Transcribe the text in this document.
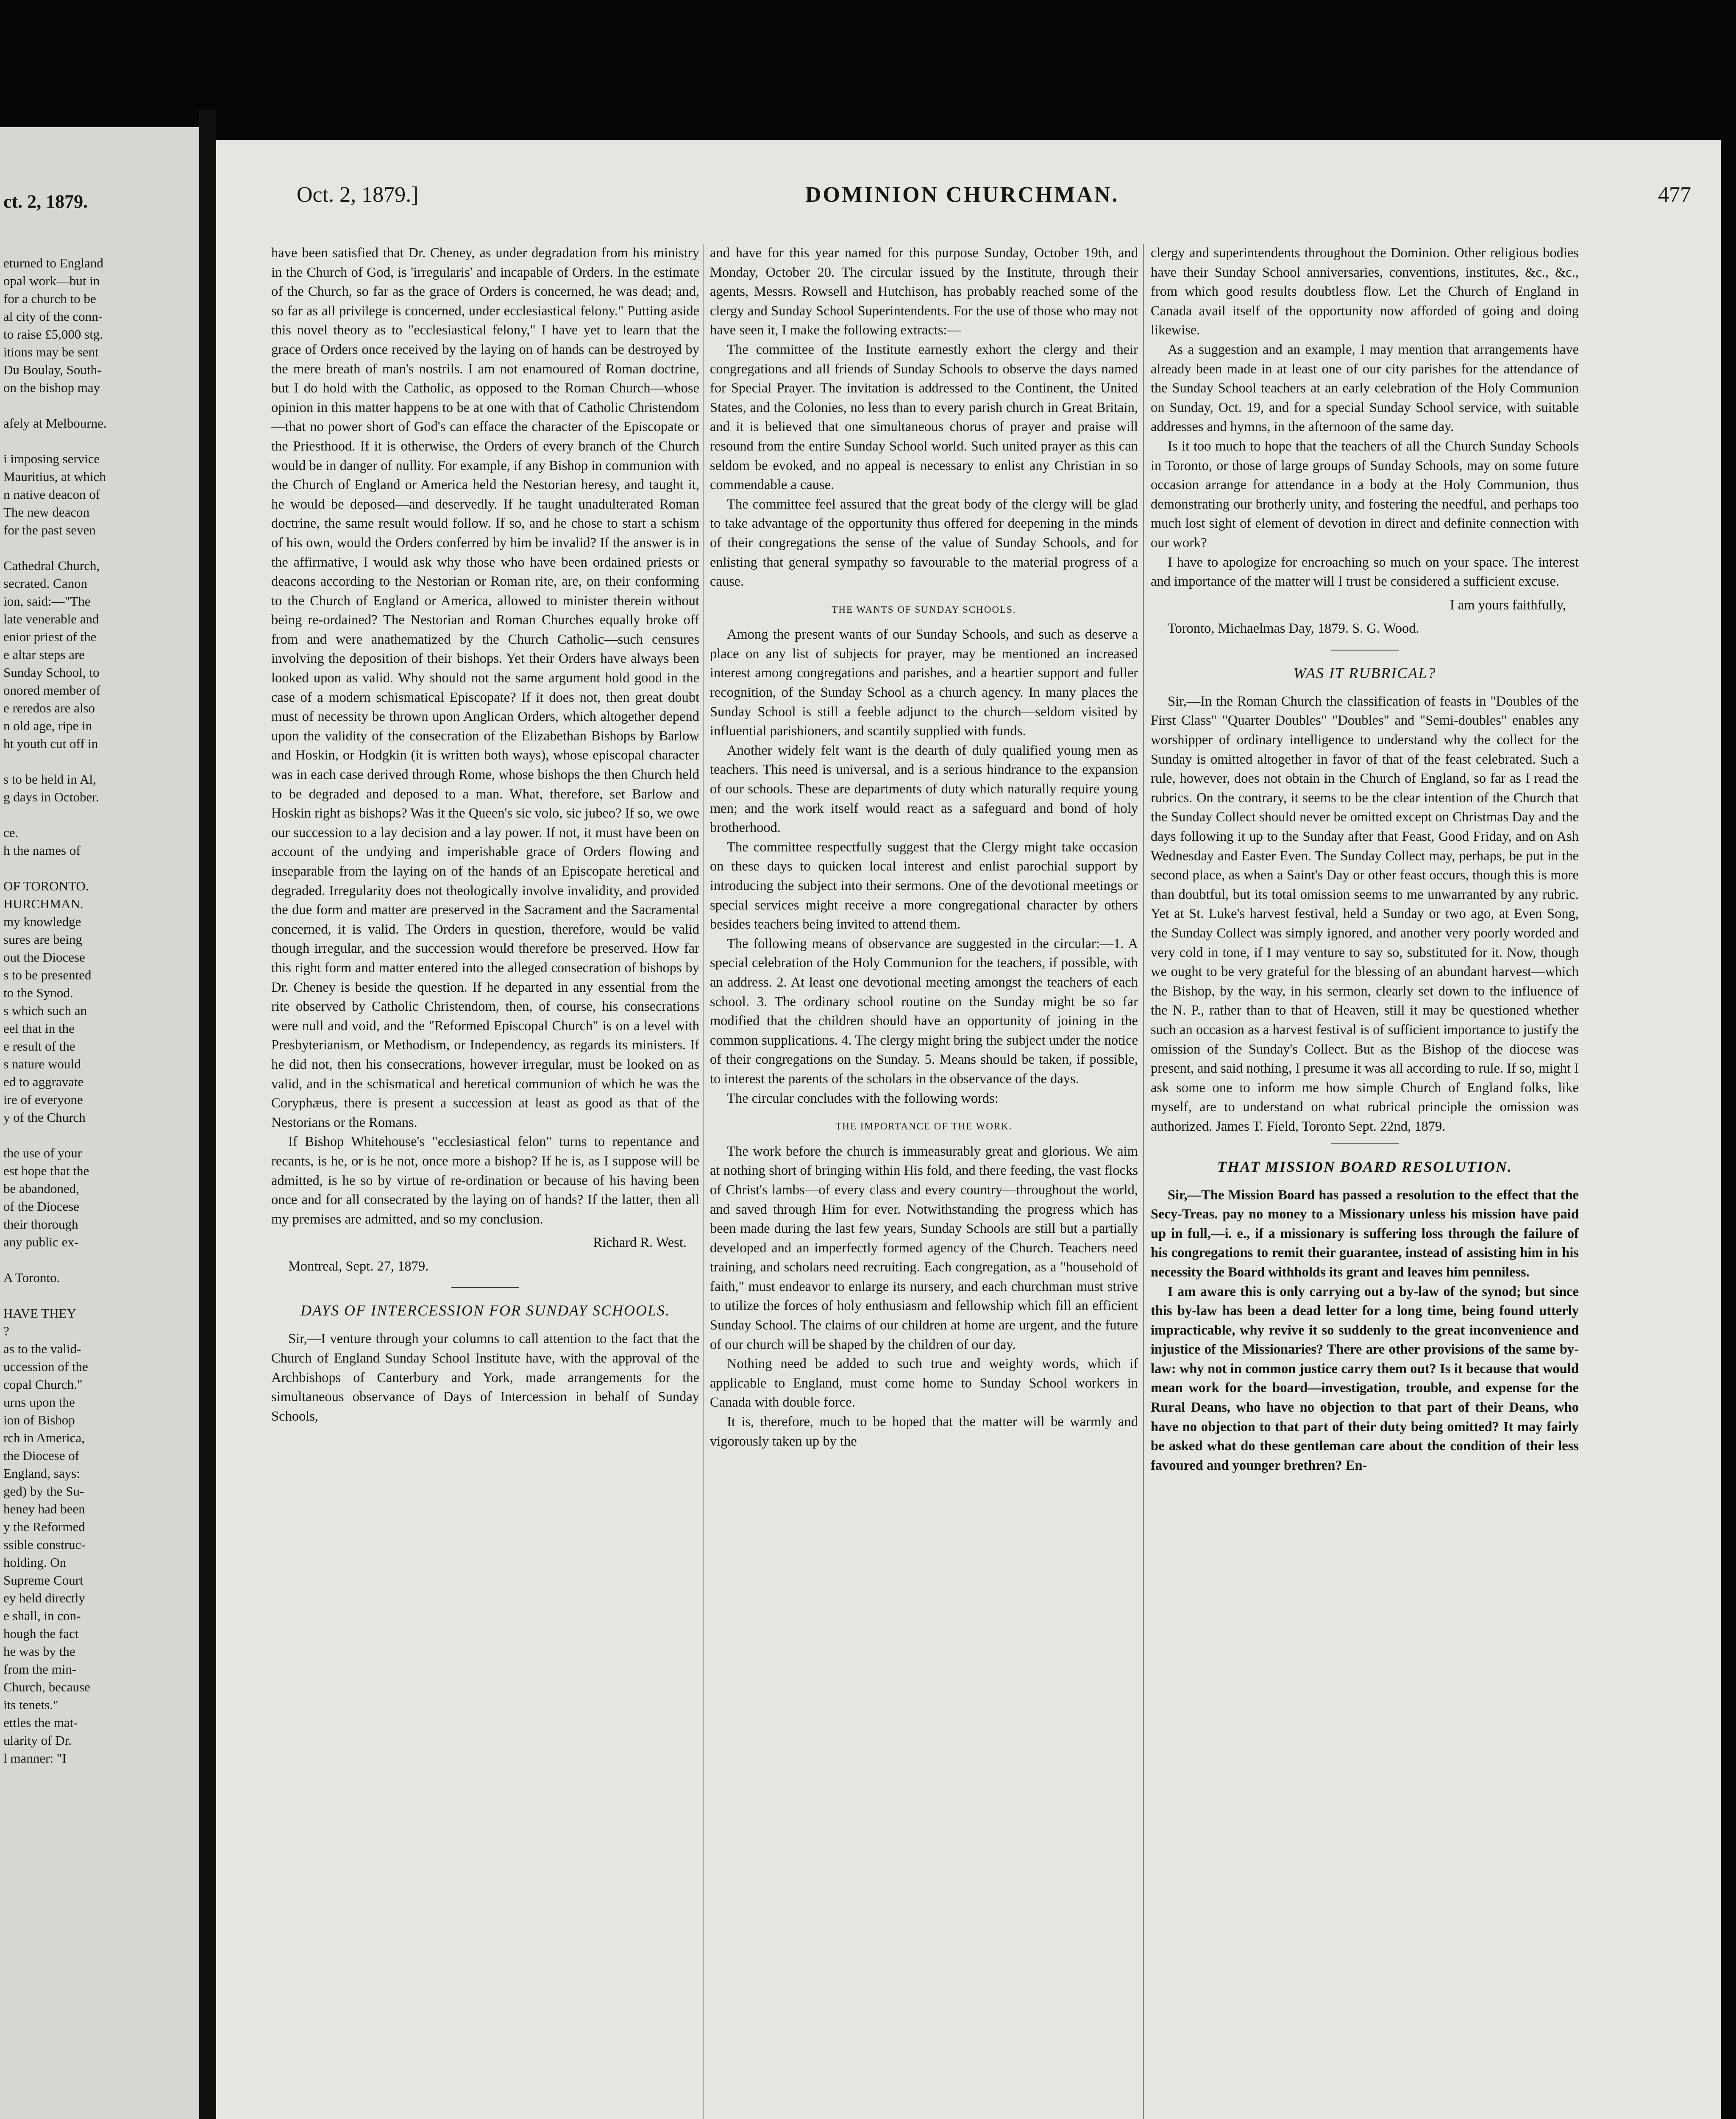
ct. 2, 1879.
eturned to England
opal work—but in
for a church to be
al city of the conn-
to raise £5,000 stg.
itions may be sent
Du Boulay, South-
on the bishop may

afely at Melbourne.

i imposing service
Mauritius, at which
n native deacon of
The new deacon
for the past seven

Cathedral Church,
secrated. Canon
ion, said:—"The
late venerable and
enior priest of the
e altar steps are
Sunday School, to
onored member of
e reredos are also
n old age, ripe in
ht youth cut off in

s to be held in Al,
g days in October.

ce.
h the names of

OF TORONTO.
HURCHMAN.
my knowledge
sures are being
out the Diocese
s to be presented
to the Synod.
s which such an
eel that in the
e result of the
s nature would
ed to aggravate
ire of everyone
y of the Church

the use of your
est hope that the
be abandoned,
of the Diocese
their thorough
any public ex-

A Toronto.

HAVE THEY
?
as to the valid-
uccession of the
copal Church."
urns upon the
ion of Bishop
rch in America,
the Diocese of
England, says:
ged) by the Su-
heney had been
y the Reformed
ssible construc-
holding. On
Supreme Court
ey held directly
e shall, in con-
hough the fact
he was by the
from the min-
Church, because
its tenets."
ettles the mat-
ularity of Dr.
l manner: "I
Oct. 2, 1879.]	DOMINION CHURCHMAN.	477

have been satisfied that Dr. Cheney, as under degradation from his ministry in the Church of God, is 'irregularis' and incapable of Orders. In the estimate of the Church, so far as the grace of Orders is concerned, he was dead; and, so far as all privilege is concerned, under ecclesiastical felony." Putting aside this novel theory as to "ecclesiastical felony," I have yet to learn that the grace of Orders once received by the laying on of hands can be destroyed by the mere breath of man's nostrils. I am not enamoured of Roman doctrine, but I do hold with the Catholic, as opposed to the Roman Church—whose opinion in this matter happens to be at one with that of Catholic Christendom—that no power short of God's can efface the character of the Episcopate or the Priesthood. If it is otherwise, the Orders of every branch of the Church would be in danger of nullity. For example, if any Bishop in communion with the Church of England or America held the Nestorian heresy, and taught it, he would be deposed—and deservedly. If he taught unadulterated Roman doctrine, the same result would follow. If so, and he chose to start a schism of his own, would the Orders conferred by him be invalid? If the answer is in the affirmative, I would ask why those who have been ordained priests or deacons according to the Nestorian or Roman rite, are, on their conforming to the Church of England or America, allowed to minister therein without being re-ordained? The Nestorian and Roman Churches equally broke off from and were anathematized by the Church Catholic—such censures involving the deposition of their bishops. Yet their Orders have always been looked upon as valid. Why should not the same argument hold good in the case of a modern schismatical Episcopate? If it does not, then great doubt must of necessity be thrown upon Anglican Orders, which altogether depend upon the validity of the consecration of the Elizabethan Bishops by Barlow and Hoskin, or Hodgkin (it is written both ways), whose episcopal character was in each case derived through Rome, whose bishops the then Church held to be degraded and deposed to a man. What, therefore, set Barlow and Hoskin right as bishops? Was it the Queen's sic volo, sic jubeo? If so, we owe our succession to a lay decision and a lay power. If not, it must have been on account of the undying and imperishable grace of Orders flowing and inseparable from the laying on of the hands of an Episcopate heretical and degraded. Irregularity does not theologically involve invalidity, and provided the due form and matter are preserved in the Sacrament and the Sacramental concerned, it is valid. The Orders in question, therefore, would be valid though irregular, and the succession would therefore be preserved. How far this right form and matter entered into the alleged consecration of bishops by Dr. Cheney is beside the question. If he departed in any essential from the rite observed by Catholic Christendom, then, of course, his consecrations were null and void, and the "Reformed Episcopal Church" is on a level with Presbyterianism, or Methodism, or Independency, as regards its ministers. If he did not, then his consecrations, however irregular, must be looked on as valid, and in the schismatical and heretical communion of which he was the Coryphæus, there is present a succession at least as good as that of the Nestorians or the Romans.

If Bishop Whitehouse's "ecclesiastical felon" turns to repentance and recants, is he, or is he not, once more a bishop? If he is, as I suppose will be admitted, is he so by virtue of re-ordination or because of his having been once and for all consecrated by the laying on of hands? If the latter, then all my premises are admitted, and so my conclusion.

Richard R. West.

Montreal, Sept. 27, 1879.

DAYS OF INTERCESSION FOR SUNDAY SCHOOLS.

Sir,—I venture through your columns to call attention to the fact that the Church of England Sunday School Institute have, with the approval of the Archbishops of Canterbury and York, made arrangements for the simultaneous observance of Days of Intercession in behalf of Sunday Schools,

and have for this year named for this purpose Sunday, October 19th, and Monday, October 20. The circular issued by the Institute, through their agents, Messrs. Rowsell and Hutchison, has probably reached some of the clergy and Sunday School Superintendents. For the use of those who may not have seen it, I make the following extracts:—

The committee of the Institute earnestly exhort the clergy and their congregations and all friends of Sunday Schools to observe the days named for Special Prayer. The invitation is addressed to the Continent, the United States, and the Colonies, no less than to every parish church in Great Britain, and it is believed that one simultaneous chorus of prayer and praise will resound from the entire Sunday School world. Such united prayer as this can seldom be evoked, and no appeal is necessary to enlist any Christian in so commendable a cause.

The committee feel assured that the great body of the clergy will be glad to take advantage of the opportunity thus offered for deepening in the minds of their congregations the sense of the value of Sunday Schools, and for enlisting that general sympathy so favourable to the material progress of a cause.

THE WANTS OF SUNDAY SCHOOLS.

Among the present wants of our Sunday Schools, and such as deserve a place on any list of subjects for prayer, may be mentioned an increased interest among congregations and parishes, and a heartier support and fuller recognition, of the Sunday School as a church agency. In many places the Sunday School is still a feeble adjunct to the church—seldom visited by influential parishioners, and scantily supplied with funds.

Another widely felt want is the dearth of duly qualified young men as teachers. This need is universal, and is a serious hindrance to the expansion of our schools. These are departments of duty which naturally require young men; and the work itself would react as a safeguard and bond of holy brotherhood.

The committee respectfully suggest that the Clergy might take occasion on these days to quicken local interest and enlist parochial support by introducing the subject into their sermons. One of the devotional meetings or special services might receive a more congregational character by others besides teachers being invited to attend them.

The following means of observance are suggested in the circular:—1. A special celebration of the Holy Communion for the teachers, if possible, with an address. 2. At least one devotional meeting amongst the teachers of each school. 3. The ordinary school routine on the Sunday might be so far modified that the children should have an opportunity of joining in the common supplications. 4. The clergy might bring the subject under the notice of their congregations on the Sunday. 5. Means should be taken, if possible, to interest the parents of the scholars in the observance of the days.

The circular concludes with the following words:

THE IMPORTANCE OF THE WORK.

The work before the church is immeasurably great and glorious. We aim at nothing short of bringing within His fold, and there feeding, the vast flocks of Christ's lambs—of every class and every country—throughout the world, and saved through Him for ever. Notwithstanding the progress which has been made during the last few years, Sunday Schools are still but a partially developed and an imperfectly formed agency of the Church. Teachers need training, and scholars need recruiting. Each congregation, as a "household of faith," must endeavor to enlarge its nursery, and each churchman must strive to utilize the forces of holy enthusiasm and fellowship which fill an efficient Sunday School. The claims of our children at home are urgent, and the future of our church will be shaped by the children of our day.

Nothing need be added to such true and weighty words, which if applicable to England, must come home to Sunday School workers in Canada with double force.

It is, therefore, much to be hoped that the matter will be warmly and vigorously taken up by the

clergy and superintendents throughout the Dominion. Other religious bodies have their Sunday School anniversaries, conventions, institutes, &c., &c., from which good results doubtless flow. Let the Church of England in Canada avail itself of the opportunity now afforded of going and doing likewise.

As a suggestion and an example, I may mention that arrangements have already been made in at least one of our city parishes for the attendance of the Sunday School teachers at an early celebration of the Holy Communion on Sunday, Oct. 19, and for a special Sunday School service, with suitable addresses and hymns, in the afternoon of the same day.

Is it too much to hope that the teachers of all the Church Sunday Schools in Toronto, or those of large groups of Sunday Schools, may on some future occasion arrange for attendance in a body at the Holy Communion, thus demonstrating our brotherly unity, and fostering the needful, and perhaps too much lost sight of element of devotion in direct and definite connection with our work?

I have to apologize for encroaching so much on your space. The interest and importance of the matter will I trust be considered a sufficient excuse.

I am yours faithfully,

Toronto, Michaelmas Day, 1879. S. G. Wood.

WAS IT RUBRICAL?

Sir,—In the Roman Church the classification of feasts in "Doubles of the First Class" "Quarter Doubles" "Doubles" and "Semi-doubles" enables any worshipper of ordinary intelligence to understand why the collect for the Sunday is omitted altogether in favor of that of the feast celebrated. Such a rule, however, does not obtain in the Church of England, so far as I read the rubrics. On the contrary, it seems to be the clear intention of the Church that the Sunday Collect should never be omitted except on Christmas Day and the days following it up to the Sunday after that Feast, Good Friday, and on Ash Wednesday and Easter Even. The Sunday Collect may, perhaps, be put in the second place, as when a Saint's Day or other feast occurs, though this is more than doubtful, but its total omission seems to me unwarranted by any rubric. Yet at St. Luke's harvest festival, held a Sunday or two ago, at Even Song, the Sunday Collect was simply ignored, and another very poorly worded and very cold in tone, if I may venture to say so, substituted for it. Now, though we ought to be very grateful for the blessing of an abundant harvest—which the Bishop, by the way, in his sermon, clearly set down to the influence of the N. P., rather than to that of Heaven, still it may be questioned whether such an occasion as a harvest festival is of sufficient importance to justify the omission of the Sunday's Collect. But as the Bishop of the diocese was present, and said nothing, I presume it was all according to rule. If so, might I ask some one to inform me how simple Church of England folks, like myself, are to understand on what rubrical principle the omission was authorized. James T. Field, Toronto Sept. 22nd, 1879.

THAT MISSION BOARD RESOLUTION.

Sir,—The Mission Board has passed a resolution to the effect that the Secy-Treas. pay no money to a Missionary unless his mission have paid up in full,—i. e., if a missionary is suffering loss through the failure of his congregations to remit their guarantee, instead of assisting him in his necessity the Board withholds its grant and leaves him penniless.

I am aware this is only carrying out a by-law of the synod; but since this by-law has been a dead letter for a long time, being found utterly impracticable, why revive it so suddenly to the great inconvenience and injustice of the Missionaries? There are other provisions of the same by-law: why not in common justice carry them out? Is it because that would mean work for the board—investigation, trouble, and expense for the Rural Deans, who have no objection to that part of their Deans, who have no objection to that part of their duty being omitted? It may fairly be asked what do these gentleman care about the condition of their less favoured and younger brethren? En-
